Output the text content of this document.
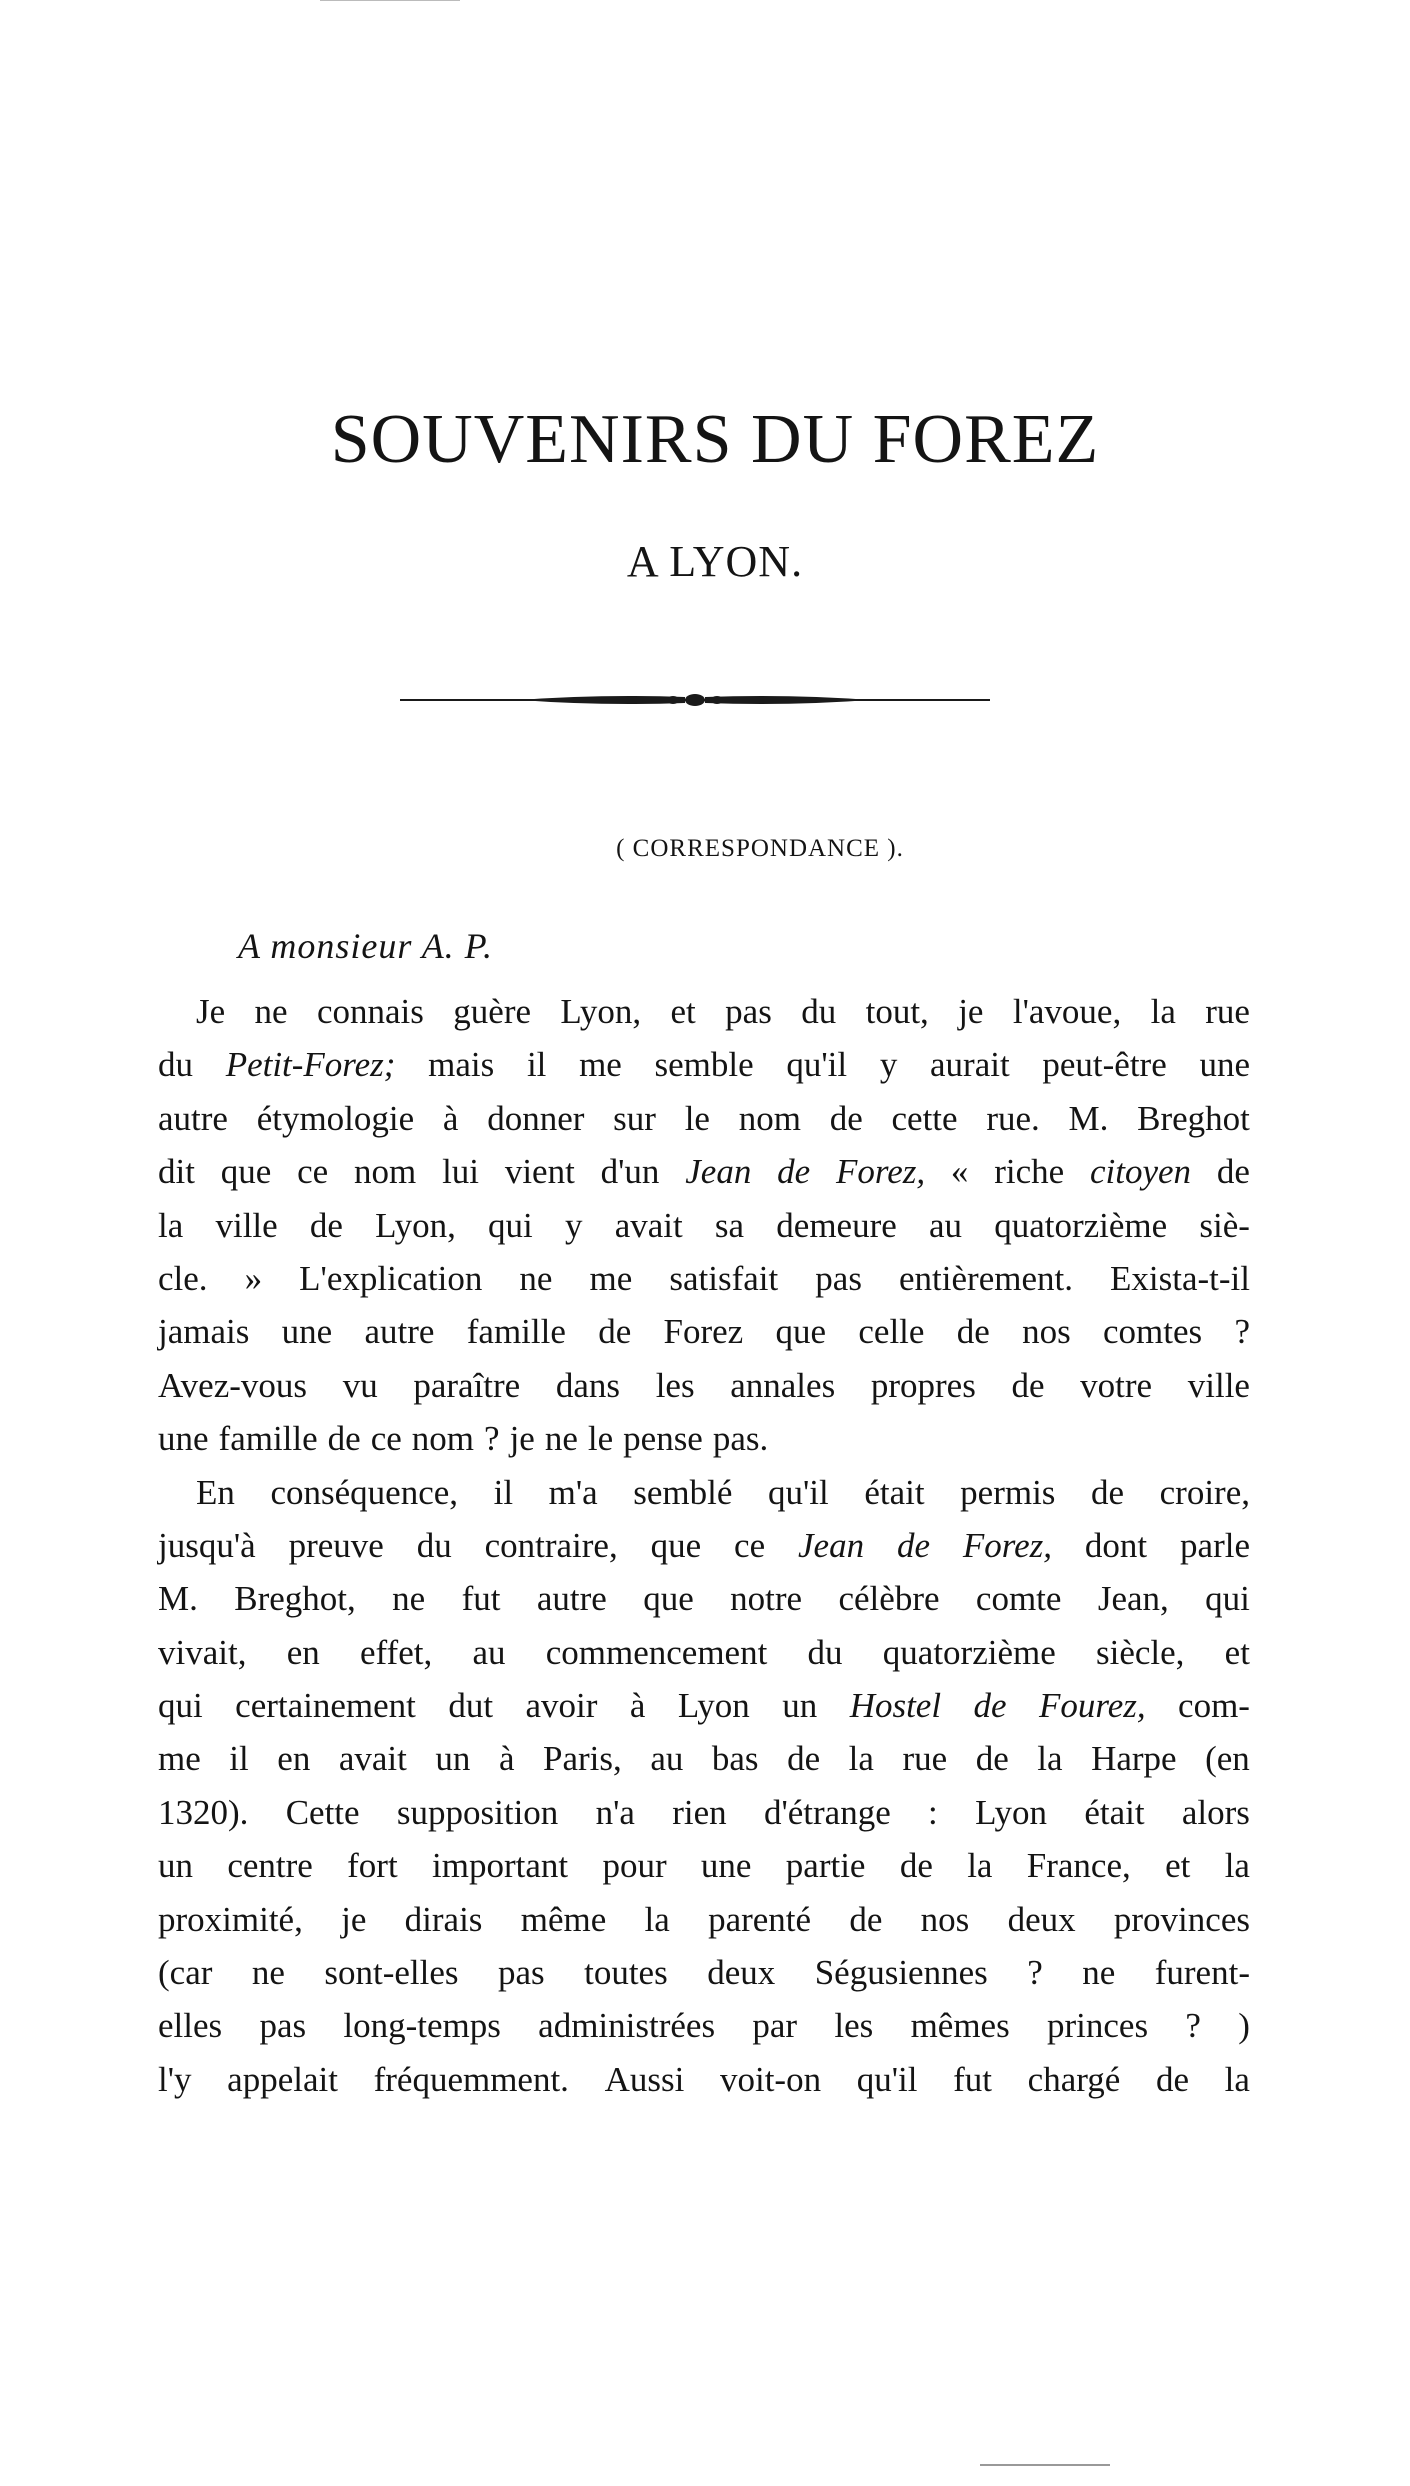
SOUVENIRS DU FOREZ
A LYON.
( CORRESPONDANCE ).
A monsieur A. P.
Je ne connais guère Lyon, et pas du tout, je l'avoue, la rue
du Petit-Forez; mais il me semble qu'il y aurait peut-être une
autre étymologie à donner sur le nom de cette rue. M. Breghot
dit que ce nom lui vient d'un Jean de Forez, « riche citoyen de
la ville de Lyon, qui y avait sa demeure au quatorzième siè-
cle. » L'explication ne me satisfait pas entièrement. Exista-t-il
jamais une autre famille de Forez que celle de nos comtes ?
Avez-vous vu paraître dans les annales propres de votre ville
une famille de ce nom ? je ne le pense pas.
En conséquence, il m'a semblé qu'il était permis de croire,
jusqu'à preuve du contraire, que ce Jean de Forez, dont parle
M. Breghot, ne fut autre que notre célèbre comte Jean, qui
vivait, en effet, au commencement du quatorzième siècle, et
qui certainement dut avoir à Lyon un Hostel de Fourez, com-
me il en avait un à Paris, au bas de la rue de la Harpe (en
1320). Cette supposition n'a rien d'étrange : Lyon était alors
un centre fort important pour une partie de la France, et la
proximité, je dirais même la parenté de nos deux provinces
(car ne sont-elles pas toutes deux Ségusiennes ? ne furent-
elles pas long-temps administrées par les mêmes princes ? )
l'y appelait fréquemment. Aussi voit-on qu'il fut chargé de la
